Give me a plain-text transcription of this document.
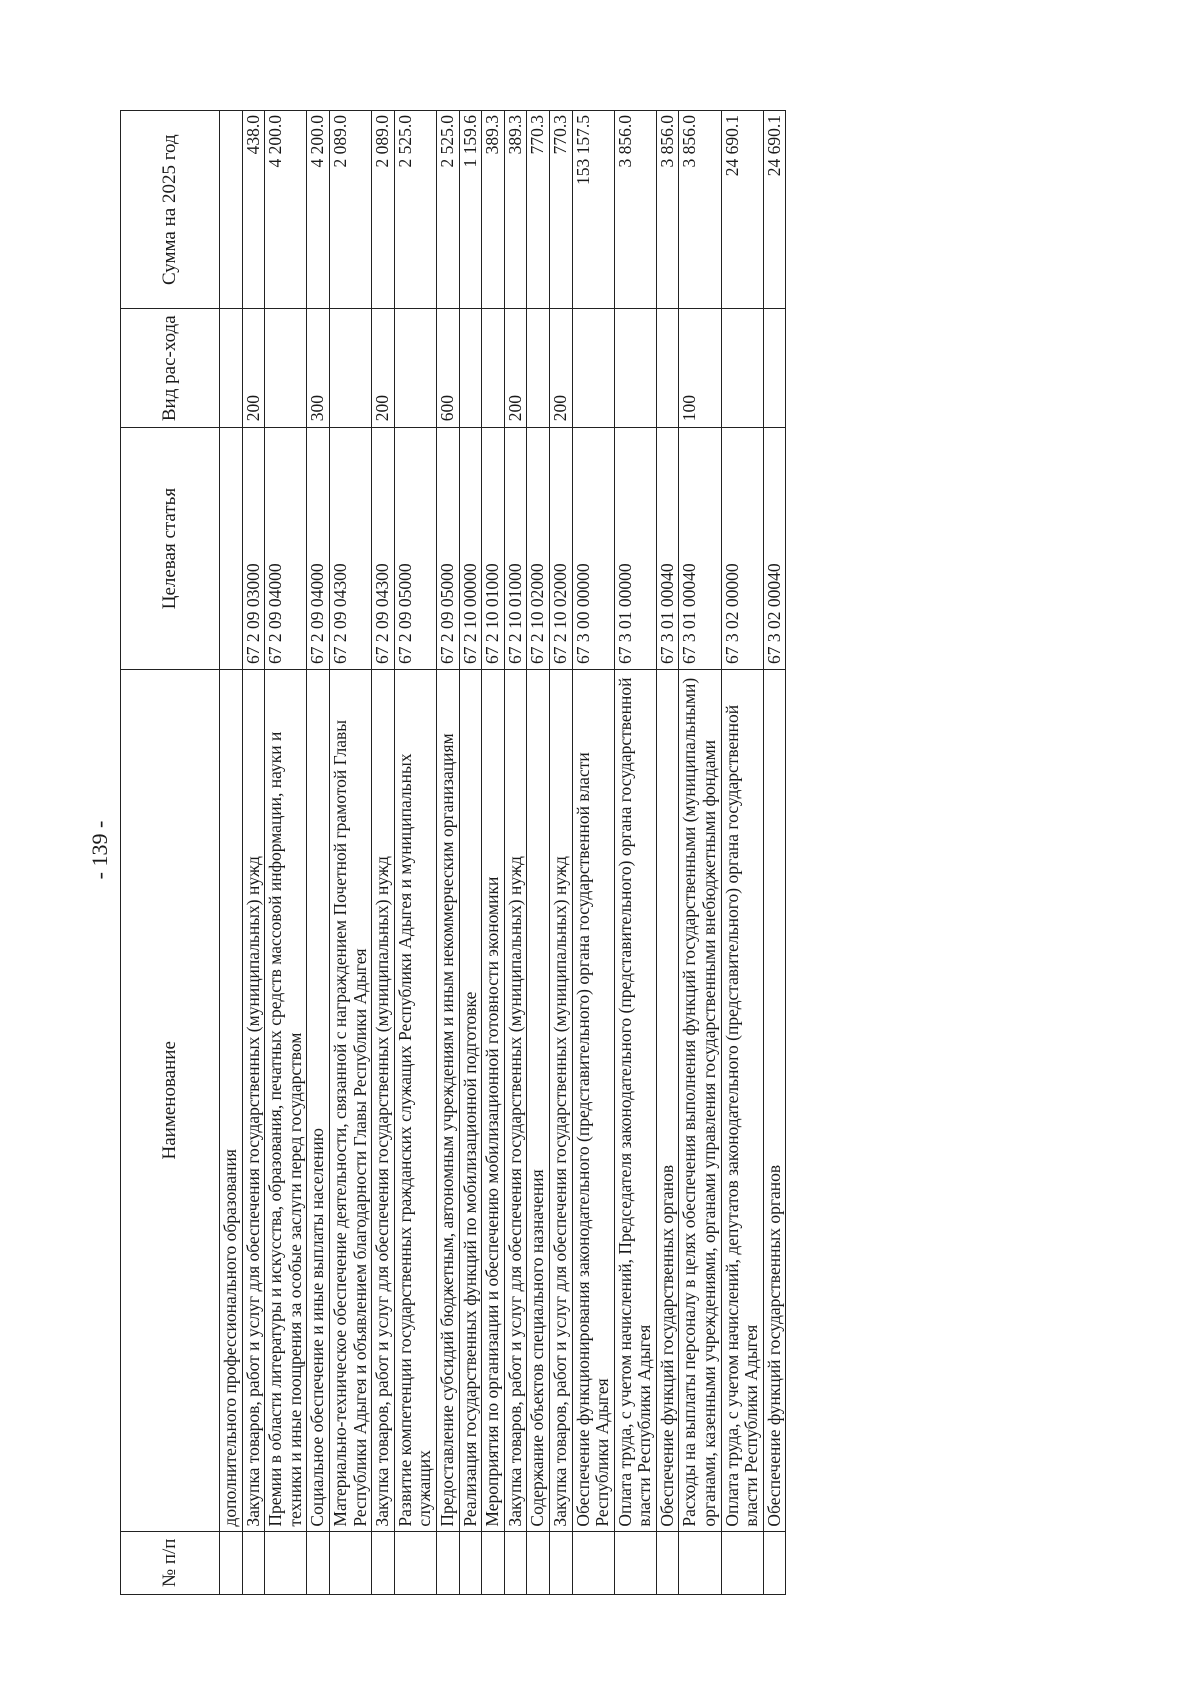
- 139 -
№ п/п	Наименование	Целевая статья	Вид рас-хода	Сумма на 2025 год
	дополнительного профессионального образования			
	Закупка товаров, работ и услуг для обеспечения государственных (муниципальных) нужд	67 2 09 03000	200	438.0
	Премии в области литературы и искусства, образования, печатных средств массовой информации, науки и техники и иные поощрения за особые заслуги перед государством	67 2 09 04000		4 200.0
	Социальное обеспечение и иные выплаты населению	67 2 09 04000	300	4 200.0
	Материально-техническое обеспечение деятельности, связанной с награждением Почетной грамотой Главы Республики Адыгея и объявлением благодарности Главы Республики Адыгея	67 2 09 04300		2 089.0
	Закупка товаров, работ и услуг для обеспечения государственных (муниципальных) нужд	67 2 09 04300	200	2 089.0
	Развитие компетенции государственных гражданских служащих Республики Адыгея и муниципальных служащих	67 2 09 05000		2 525.0
	Предоставление субсидий бюджетным, автономным учреждениям и иным некоммерческим организациям	67 2 09 05000	600	2 525.0
	Реализация государственных функций по мобилизационной подготовке	67 2 10 00000		1 159.6
	Мероприятия по организации и обеспечению мобилизационной готовности экономики	67 2 10 01000		389.3
	Закупка товаров, работ и услуг для обеспечения государственных (муниципальных) нужд	67 2 10 01000	200	389.3
	Содержание объектов специального назначения	67 2 10 02000		770.3
	Закупка товаров, работ и услуг для обеспечения государственных (муниципальных) нужд	67 2 10 02000	200	770.3
	Обеспечение функционирования законодательного (представительного) органа государственной власти Республики Адыгея	67 3 00 00000		153 157.5
	Оплата труда, с учетом начислений, Председателя законодательного (представительного) органа государственной власти Республики Адыгея	67 3 01 00000		3 856.0
	Обеспечение функций государственных органов	67 3 01 00040		3 856.0
	Расходы на выплаты персоналу в целях обеспечения выполнения функций государственными (муниципальными) органами, казенными учреждениями, органами управления государственными внебюджетными фондами	67 3 01 00040	100	3 856.0
	Оплата труда, с учетом начислений, депутатов законодательного (представительного) органа государственной власти Республики Адыгея	67 3 02 00000		24 690.1
	Обеспечение функций государственных органов	67 3 02 00040		24 690.1
